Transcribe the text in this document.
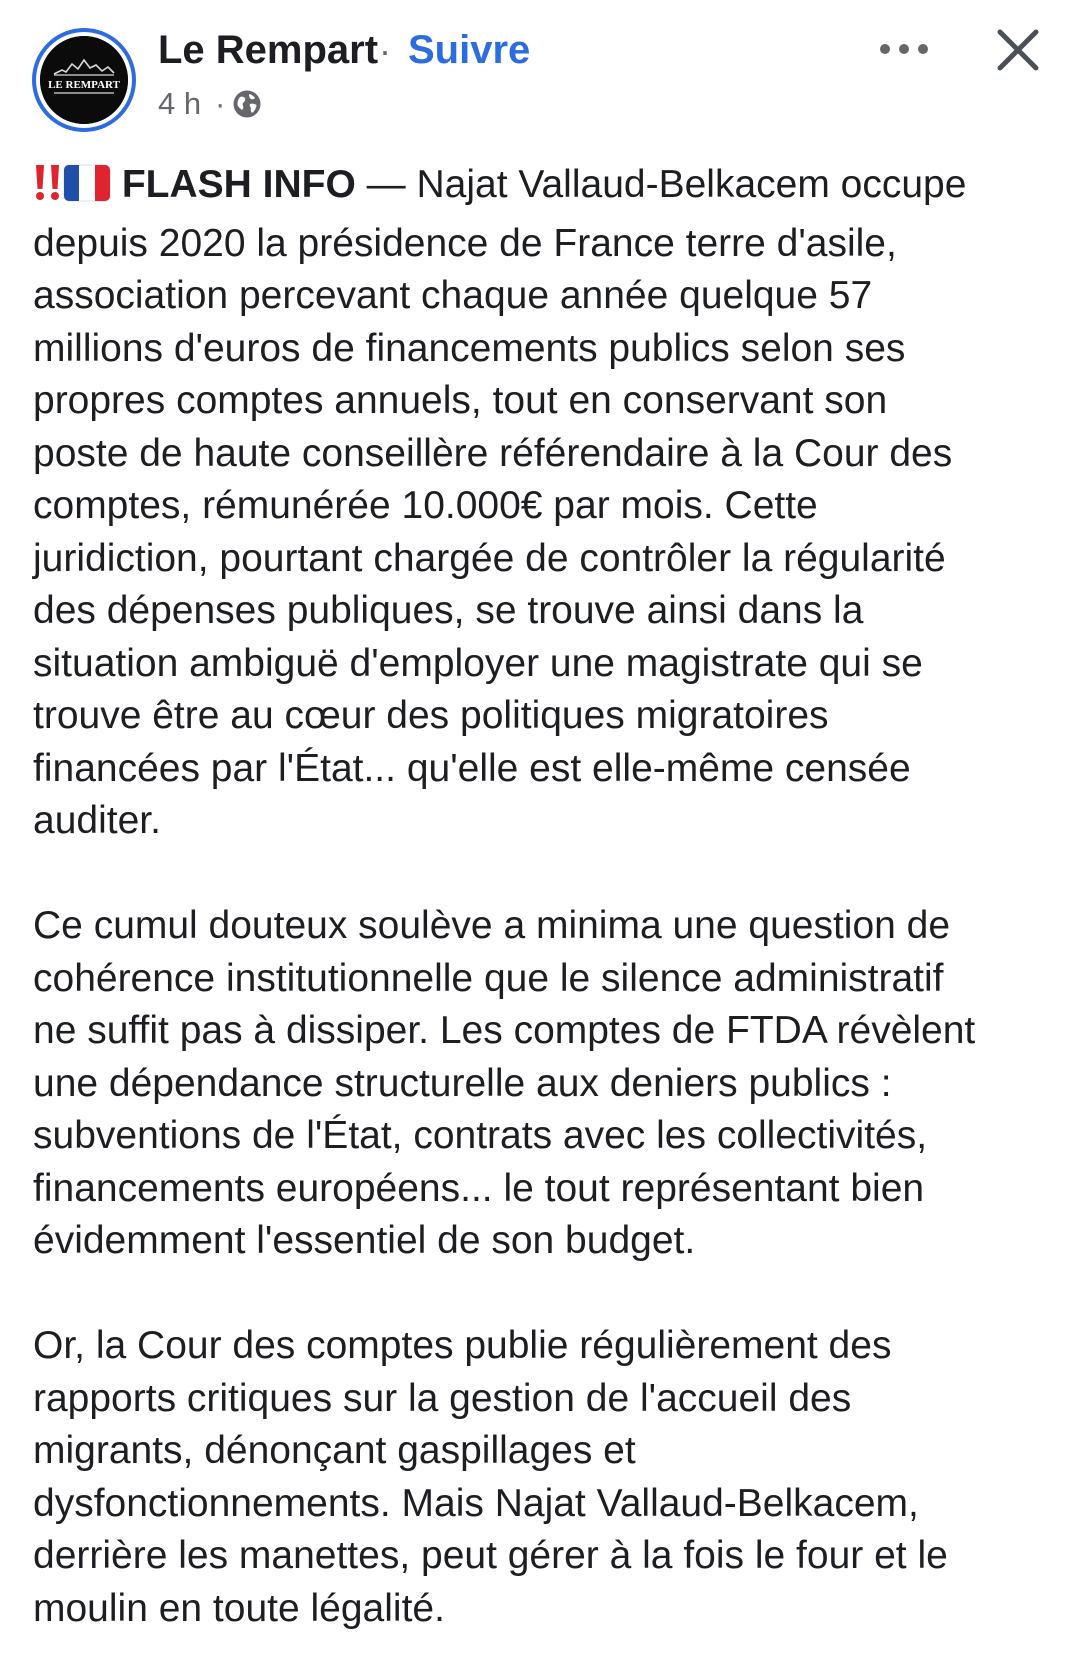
LE REMPART
Le Rempart · Suivre
4 h ·
FLASH INFO — Najat Vallaud-Belkacem occupe
depuis 2020 la présidence de France terre d'asile,
association percevant chaque année quelque 57
millions d'euros de financements publics selon ses
propres comptes annuels, tout en conservant son
poste de haute conseillère référendaire à la Cour des
comptes, rémunérée 10.000€ par mois. Cette
juridiction, pourtant chargée de contrôler la régularité
des dépenses publiques, se trouve ainsi dans la
situation ambiguë d'employer une magistrate qui se
trouve être au cœur des politiques migratoires
financées par l'État... qu'elle est elle-même censée
auditer.
Ce cumul douteux soulève a minima une question de
cohérence institutionnelle que le silence administratif
ne suffit pas à dissiper. Les comptes de FTDA révèlent
une dépendance structurelle aux deniers publics :
subventions de l'État, contrats avec les collectivités,
financements européens... le tout représentant bien
évidemment l'essentiel de son budget.
Or, la Cour des comptes publie régulièrement des
rapports critiques sur la gestion de l'accueil des
migrants, dénonçant gaspillages et
dysfonctionnements. Mais Najat Vallaud-Belkacem,
derrière les manettes, peut gérer à la fois le four et le
moulin en toute légalité.
